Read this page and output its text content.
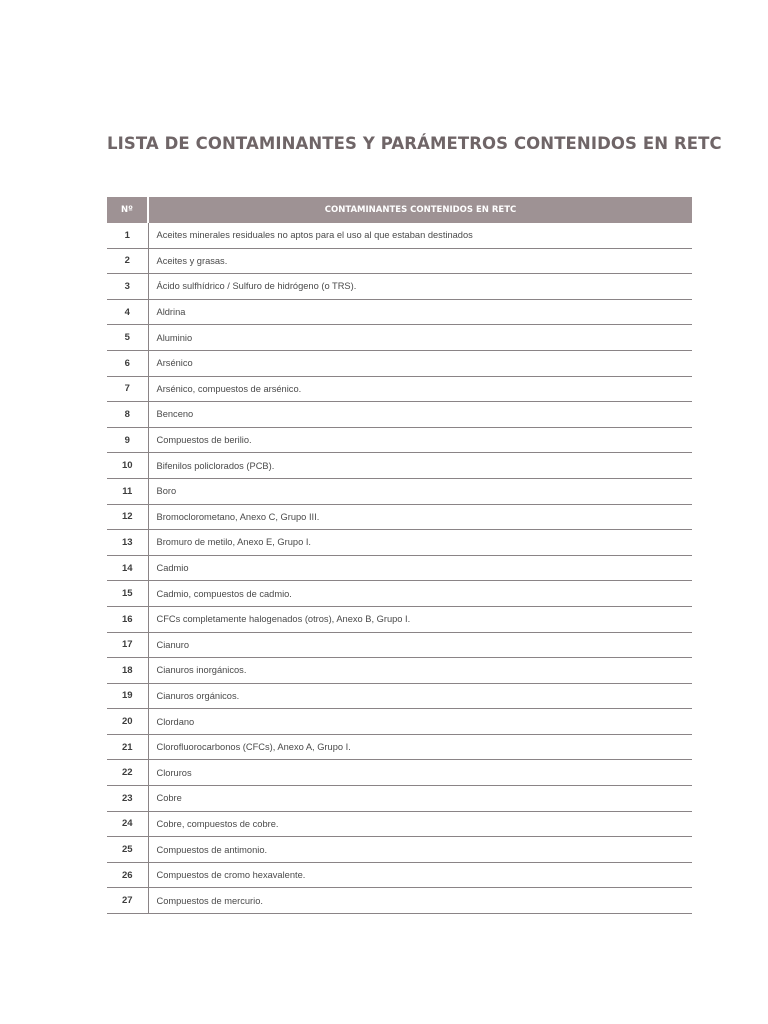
LISTA DE CONTAMINANTES Y PARÁMETROS CONTENIDOS EN RETC
Nº	CONTAMINANTES CONTENIDOS EN RETC
1	Aceites minerales residuales no aptos para el uso al que estaban destinados
2	Aceites y grasas.
3	Ácido sulfhídrico / Sulfuro de hidrógeno (o TRS).
4	Aldrina
5	Aluminio
6	Arsénico
7	Arsénico, compuestos de arsénico.
8	Benceno
9	Compuestos de berilio.
10	Bifenilos policlorados (PCB).
11	Boro
12	Bromoclorometano, Anexo C, Grupo III.
13	Bromuro de metilo, Anexo E, Grupo I.
14	Cadmio
15	Cadmio, compuestos de cadmio.
16	CFCs completamente halogenados (otros), Anexo B, Grupo I.
17	Cianuro
18	Cianuros inorgánicos.
19	Cianuros orgánicos.
20	Clordano
21	Clorofluorocarbonos (CFCs), Anexo A, Grupo I.
22	Cloruros
23	Cobre
24	Cobre, compuestos de cobre.
25	Compuestos de antimonio.
26	Compuestos de cromo hexavalente.
27	Compuestos de mercurio.
